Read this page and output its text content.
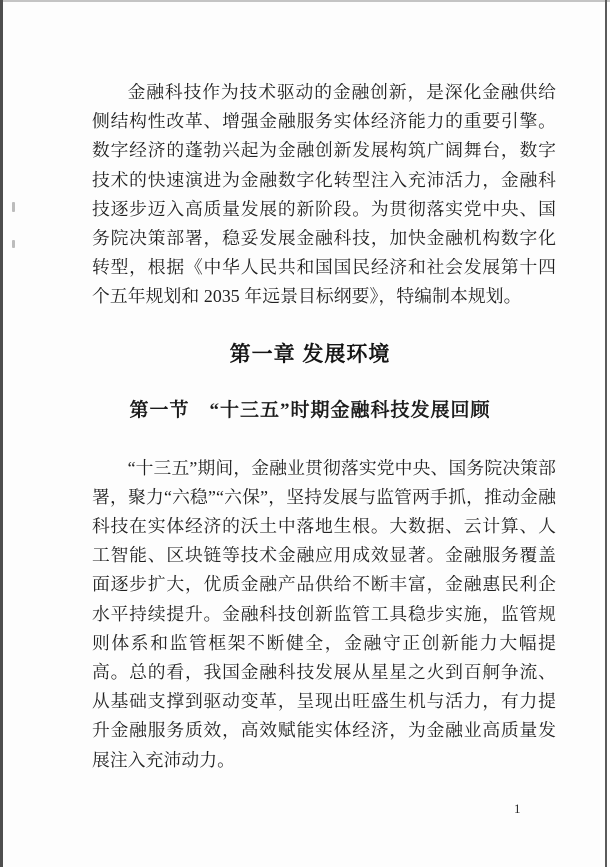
金融科技作为技术驱动的金融创新，是深化金融供给侧结构性改革、增强金融服务实体经济能力的重要引擎。数字经济的蓬勃兴起为金融创新发展构筑广阔舞台，数字技术的快速演进为金融数字化转型注入充沛活力，金融科技逐步迈入高质量发展的新阶段。为贯彻落实党中央、国务院决策部署，稳妥发展金融科技，加快金融机构数字化转型，根据《中华人民共和国国民经济和社会发展第十四个五年规划和 2035 年远景目标纲要》，特编制本规划。

第一章 发展环境
第一节　“十三五”时期金融科技发展回顾

“十三五”期间，金融业贯彻落实党中央、国务院决策部署，聚力“六稳”“六保”，坚持发展与监管两手抓，推动金融科技在实体经济的沃土中落地生根。大数据、云计算、人工智能、区块链等技术金融应用成效显著。金融服务覆盖面逐步扩大，优质金融产品供给不断丰富，金融惠民利企水平持续提升。金融科技创新监管工具稳步实施，监管规则体系和监管框架不断健全，金融守正创新能力大幅提高。总的看，我国金融科技发展从星星之火到百舸争流、从基础支撑到驱动变革，呈现出旺盛生机与活力，有力提升金融服务质效，高效赋能实体经济，为金融业高质量发展注入充沛动力。

1
